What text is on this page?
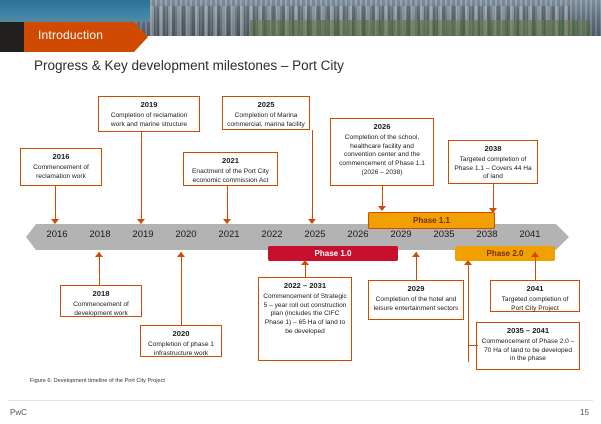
Introduction
Progress & Key development milestones – Port City
2016	2018	2019	2020	2021	2022	2025	2026	2029	2035	2038	2041
Phase 1.1
Phase 1.0	Phase 2.0
2016
Commencement of reclamation work
2019
Completion of reclamation work and marine structure
2021
Enactment of the Port City economic commission Act
2025
Completion of Marina commercial, marina facility	2026
Completion of the school, healthcare facility and convention center and the commencement of Phase 1.1 (2026 – 2038)
2038
Targeted completion of Phase 1.1 – Covers 44 Ha of land
2018
Commencement of development work
2020
Completion of phase 1 infrastructure work
2022 – 2031
Commencement of Strategic 5 – year roll out construction plan (includes the CIFC Phase 1) – 65 Ha of land to be developed
2029
Completion of the hotel and leisure entertainment sectors
2041
Targeted completion of Port City Project
2035 – 2041
Commencement of Phase 2.0 – 70 Ha of land to be developed in the phase
Figure 6: Development timeline of the Port City Project
PwC	15
